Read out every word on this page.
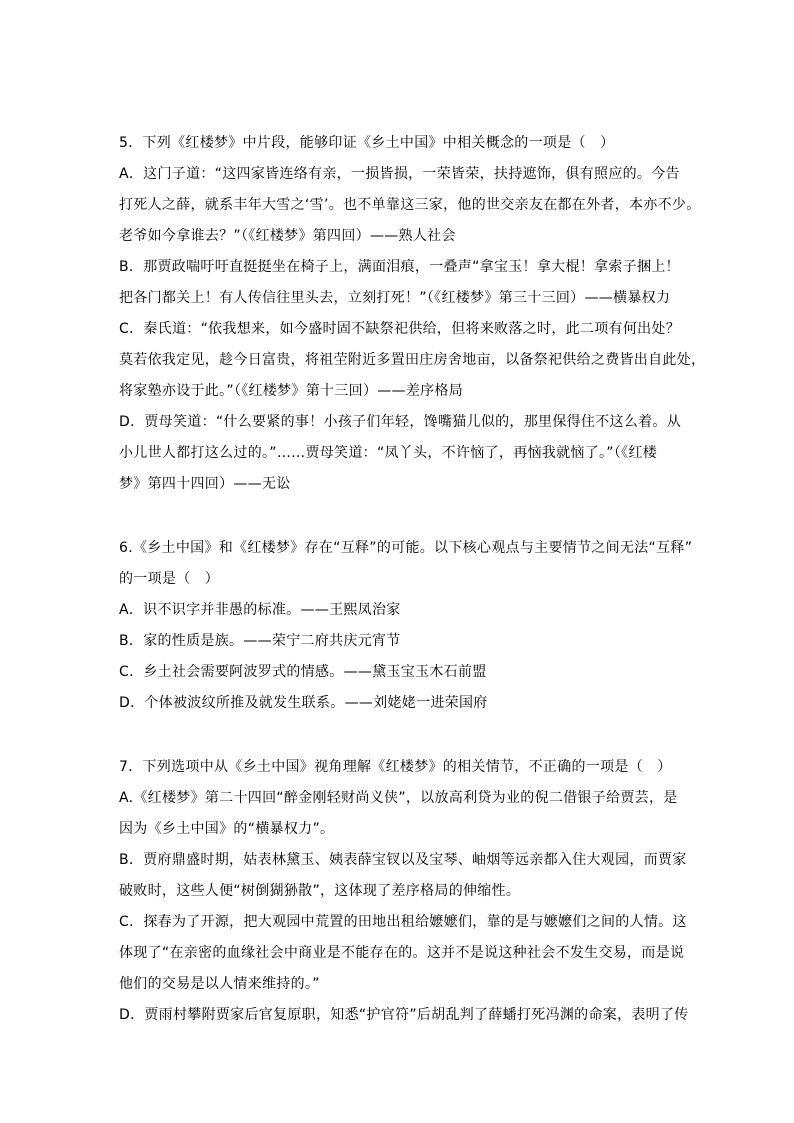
5．下列《红楼梦》中片段，能够印证《乡土中国》中相关概念的一项是（　）
A．这门子道：“这四家皆连络有亲，一损皆损，一荣皆荣，扶持遮饰，俱有照应的。今告
打死人之薛，就系丰年大雪之‘雪’。也不单靠这三家，他的世交亲友在都在外者，本亦不少。
老爷如今拿谁去？”（《红楼梦》第四回）——熟人社会
B．那贾政喘吁吁直挺挺坐在椅子上，满面泪痕，一叠声“拿宝玉！拿大棍！拿索子捆上！
把各门都关上！有人传信往里头去，立刻打死！”（《红楼梦》第三十三回）——横暴权力
C．秦氏道：“依我想来，如今盛时固不缺祭祀供给，但将来败落之时，此二项有何出处？
莫若依我定见，趁今日富贵，将祖茔附近多置田庄房舍地亩，以备祭祀供给之费皆出自此处，
将家塾亦设于此。”（《红楼梦》第十三回）——差序格局
D．贾母笑道：“什么要紧的事！小孩子们年轻，馋嘴猫儿似的，那里保得住不这么着。从
小儿世人都打这么过的。”……贾母笑道：“凤丫头，不许恼了，再恼我就恼了。”（《红楼
梦》第四十四回）——无讼
6.《乡土中国》和《红楼梦》存在“互释”的可能。以下核心观点与主要情节之间无法“互释”
的一项是（　）
A．识不识字并非愚的标准。——王熙凤治家
B．家的性质是族。——荣宁二府共庆元宵节
C．乡土社会需要阿波罗式的情感。——黛玉宝玉木石前盟
D．个体被波纹所推及就发生联系。——刘姥姥一进荣国府
7．下列选项中从《乡土中国》视角理解《红楼梦》的相关情节，不正确的一项是（　）
A.《红楼梦》第二十四回“醉金刚轻财尚义侠”，以放高利贷为业的倪二借银子给贾芸，是
因为《乡土中国》的“横暴权力”。
B．贾府鼎盛时期，姑表林黛玉、姨表薛宝钗以及宝琴、岫烟等远亲都入住大观园，而贾家
破败时，这些人便“树倒猢狲散”，这体现了差序格局的伸缩性。
C．探春为了开源，把大观园中荒置的田地出租给嬷嬷们，靠的是与嬷嬷们之间的人情。这
体现了“在亲密的血缘社会中商业是不能存在的。这并不是说这种社会不发生交易，而是说
他们的交易是以人情来维持的。”
D．贾雨村攀附贾家后官复原职，知悉“护官符”后胡乱判了薛蟠打死冯渊的命案，表明了传
